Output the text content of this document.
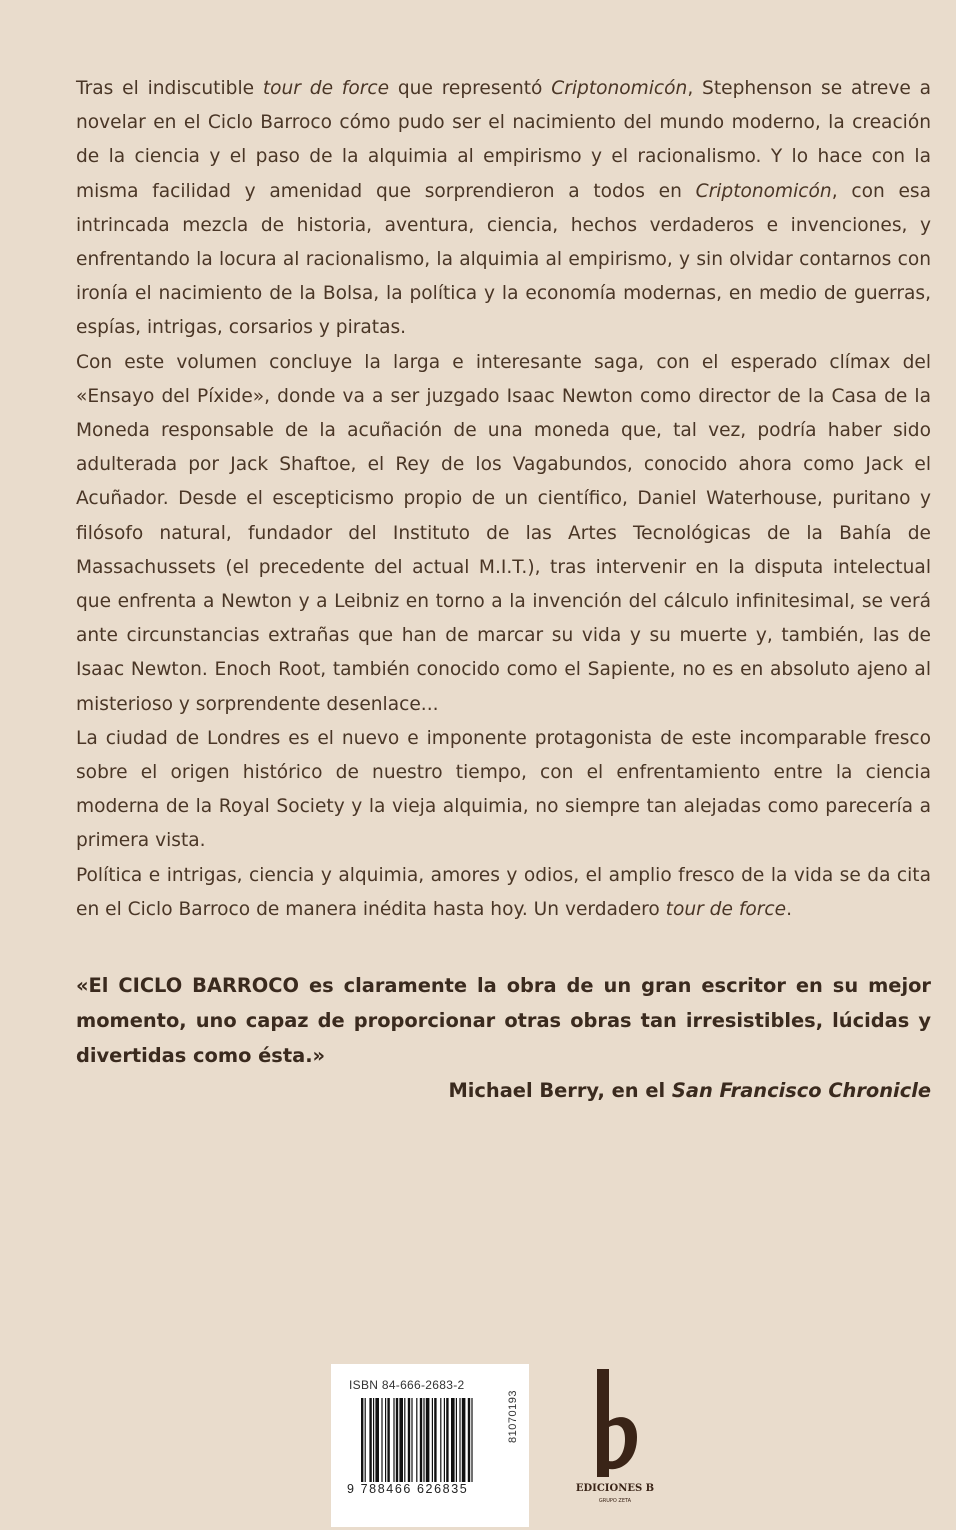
Tras el indiscutible tour de force que representó Criptonomicón, Stephenson se atreve a novelar en el Ciclo Barroco cómo pudo ser el nacimiento del mundo moderno, la creación de la ciencia y el paso de la alquimia al empirismo y el racionalismo. Y lo hace con la misma facilidad y amenidad que sorprendieron a todos en Criptonomicón, con esa intrincada mezcla de historia, aventura, ciencia, hechos verdaderos e invenciones, y enfrentando la locura al racionalismo, la alquimia al empirismo, y sin olvidar contarnos con ironía el nacimiento de la Bolsa, la política y la economía modernas, en medio de guerras, espías, intrigas, corsarios y piratas.

Con este volumen concluye la larga e interesante saga, con el esperado clímax del «Ensayo del Píxide», donde va a ser juzgado Isaac Newton como director de la Casa de la Moneda responsable de la acuñación de una moneda que, tal vez, podría haber sido adulterada por Jack Shaftoe, el Rey de los Vagabundos, conocido ahora como Jack el Acuñador. Desde el escepticismo propio de un científico, Daniel Waterhouse, puritano y filósofo natural, fundador del Instituto de las Artes Tecnológicas de la Bahía de Massachussets (el precedente del actual M.I.T.), tras intervenir en la disputa intelectual que enfrenta a Newton y a Leibniz en torno a la invención del cálculo infinitesimal, se verá ante circunstancias extrañas que han de marcar su vida y su muerte y, también, las de Isaac Newton. Enoch Root, también conocido como el Sapiente, no es en absoluto ajeno al misterioso y sorprendente desenlace...

La ciudad de Londres es el nuevo e imponente protagonista de este incomparable fresco sobre el origen histórico de nuestro tiempo, con el enfrentamiento entre la ciencia moderna de la Royal Society y la vieja alquimia, no siempre tan alejadas como parecería a primera vista.

Política e intrigas, ciencia y alquimia, amores y odios, el amplio fresco de la vida se da cita en el Ciclo Barroco de manera inédita hasta hoy. Un verdadero tour de force.

«El CICLO BARROCO es claramente la obra de un gran escritor en su mejor momento, uno capaz de proporcionar otras obras tan irresistibles, lúcidas y divertidas como ésta.»

Michael Berry, en el San Francisco Chronicle

ISBN 84-666-2683-2
9 788466 626835
81070193
EDICIONES B
GRUPO ZETA
